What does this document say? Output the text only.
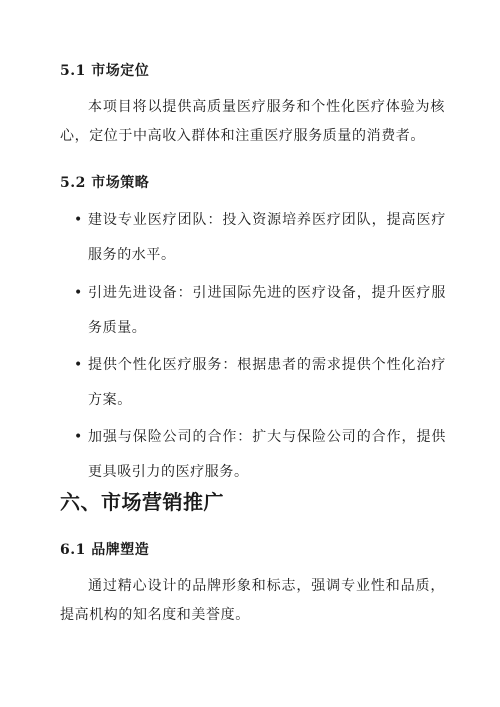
5.1 市场定位
本项目将以提供高质量医疗服务和个性化医疗体验为核心，定位于中高收入群体和注重医疗服务质量的消费者。
5.2 市场策略
• 建设专业医疗团队：投入资源培养医疗团队，提高医疗服务的水平。
• 引进先进设备：引进国际先进的医疗设备，提升医疗服务质量。
• 提供个性化医疗服务：根据患者的需求提供个性化治疗方案。
• 加强与保险公司的合作：扩大与保险公司的合作，提供更具吸引力的医疗服务。
六、市场营销推广
6.1 品牌塑造
通过精心设计的品牌形象和标志，强调专业性和品质，提高机构的知名度和美誉度。
